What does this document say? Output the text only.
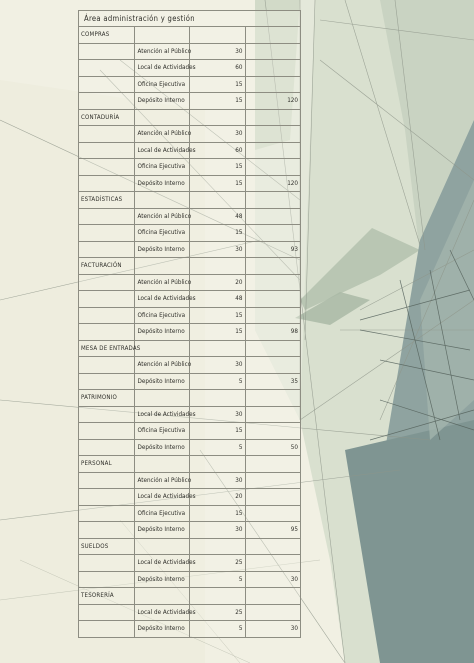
Área administración y gestión			
COMPRAS			
	Atención al Público	30	
	Local de Actividades	60	
	Oficina Ejecutiva	15	
	Depósito Interno	15	120
CONTADURÍA			
	Atención al Público	30	
	Local de Actividades	60	
	Oficina Ejecutiva	15	
	Depósito Interno	15	120
ESTADÍSTICAS			
	Atención al Público	48	
	Oficina Ejecutiva	15	
	Depósito Interno	30	93
FACTURACIÓN			
	Atención al Público	20	
	Local de Actividades	48	
	Oficina Ejecutiva	15	
	Depósito Interno	15	98
MESA DE ENTRADAS			
	Atención al Público	30	
	Depósito Interno	5	35
PATRIMONIO			
	Local de Actividades	30	
	Oficina Ejecutiva	15	
	Depósito Interno	5	50
PERSONAL			
	Atención al Público	30	
	Local de Actividades	20	
	Oficina Ejecutiva	15	
	Depósito Interno	30	95
SUELDOS			
	Local de Actividades	25	
	Depósito Interno	5	30
TESORERÍA			
	Local de Actividades	25	
	Depósito Interno	5	30
